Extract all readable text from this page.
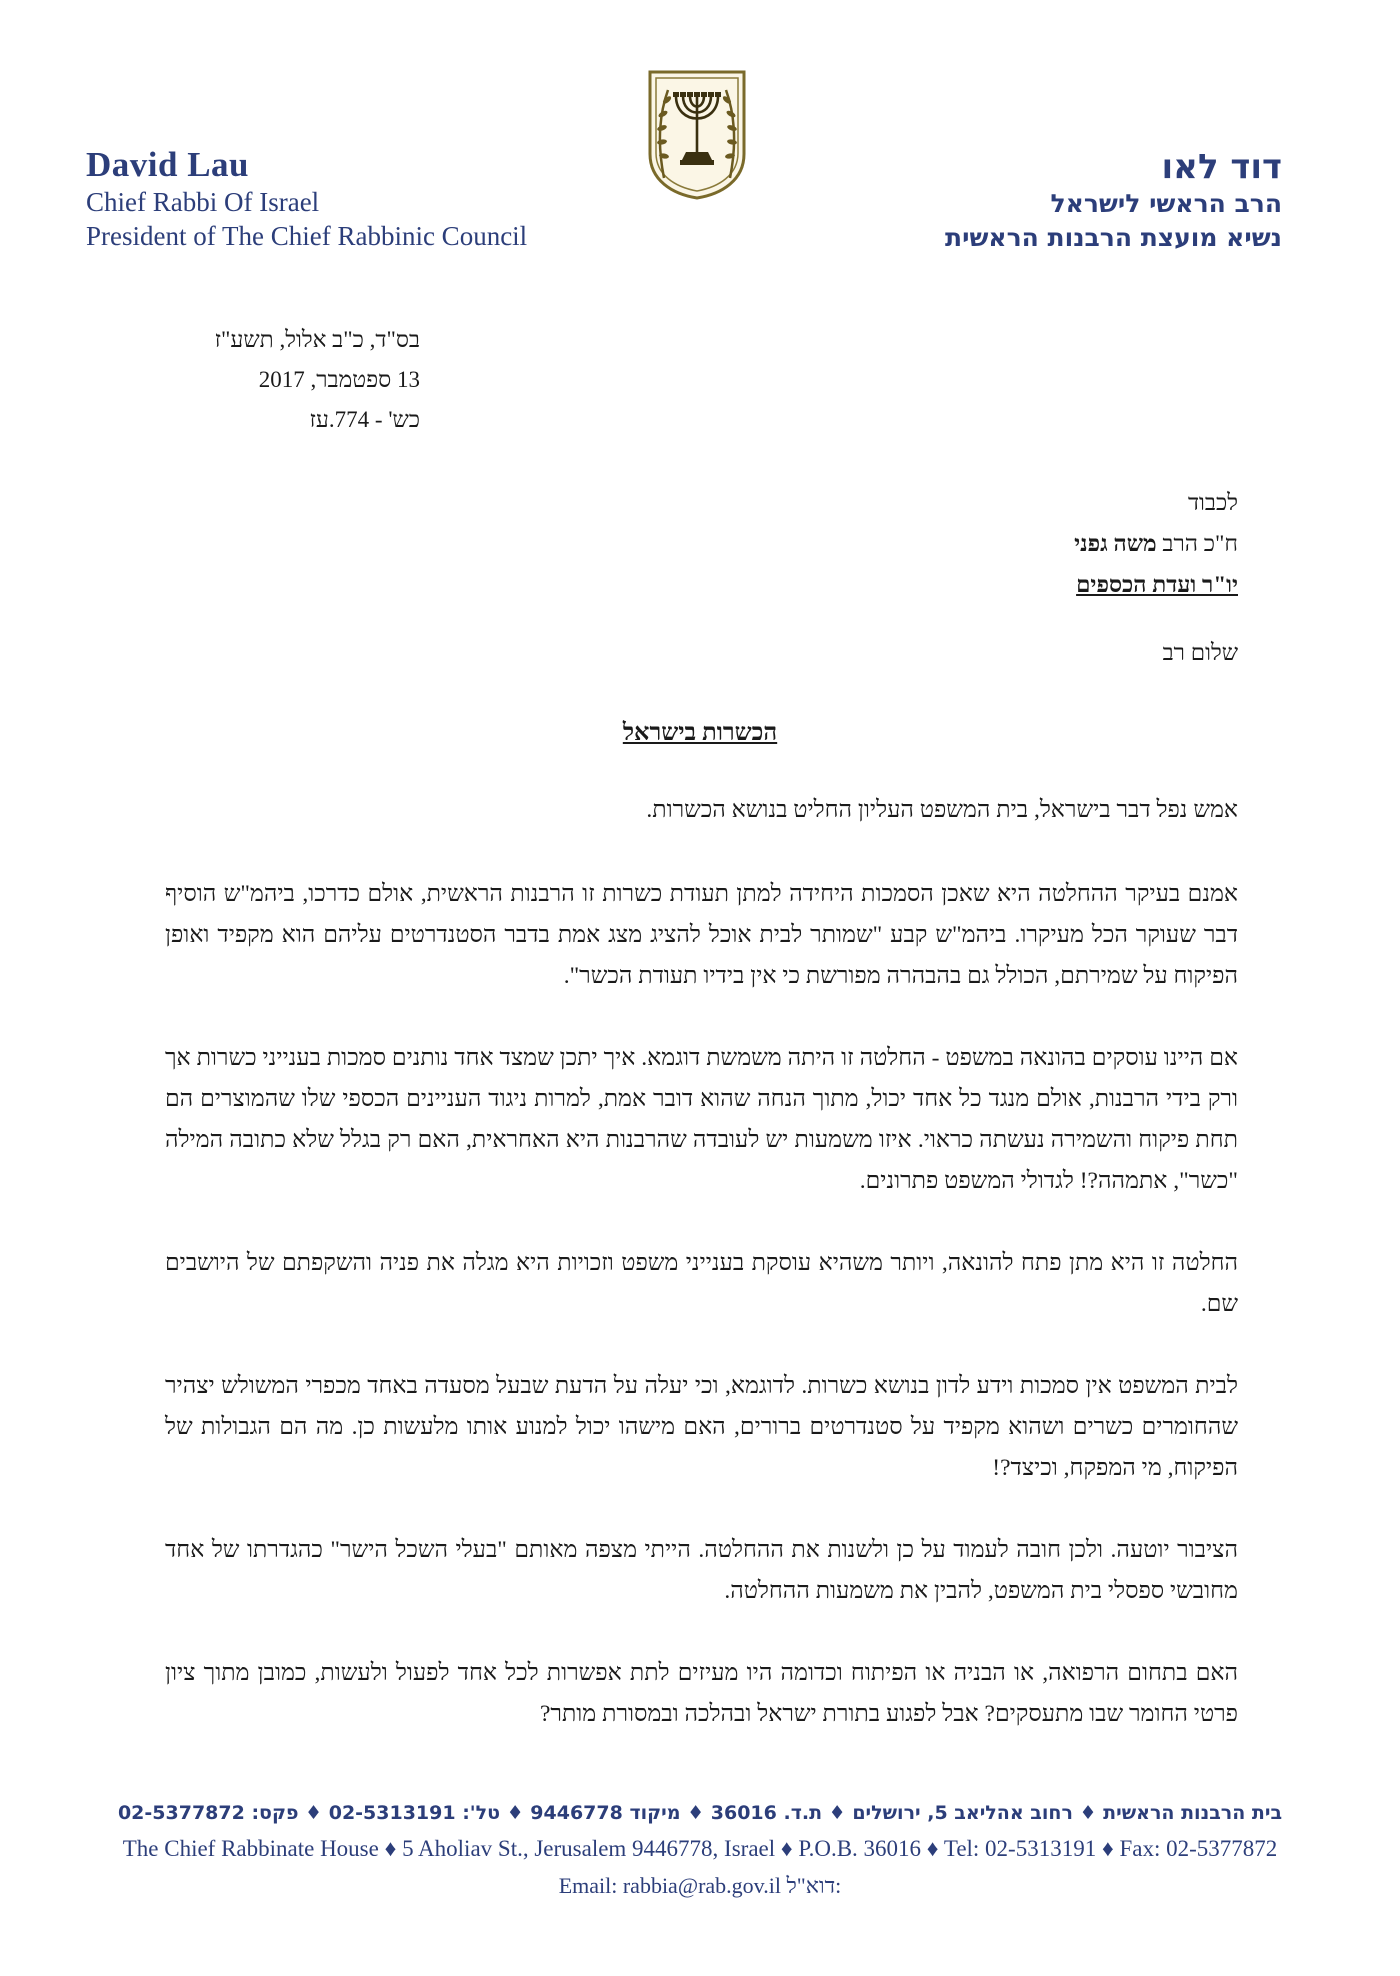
David Lau
Chief Rabbi Of Israel
President of The Chief Rabbinic Council
דוד לאו
הרב הראשי לישראל
נשיא מועצת הרבנות הראשית
בס"ד, כ"ב אלול, תשע"ז
13 ספטמבר, 2017
כש' - 774.עז
לכבוד
ח"כ הרב משה גפני
יו"ר ועדת הכספים
שלום רב
הכשרות בישראל

אמש נפל דבר בישראל, בית המשפט העליון החליט בנושא הכשרות.

אמנם בעיקר ההחלטה היא שאכן הסמכות היחידה למתן תעודת כשרות זו הרבנות הראשית, אולם כדרכו, ביהמ"ש הוסיף דבר שעוקר הכל מעיקרו. ביהמ"ש קבע "שמותר לבית אוכל להציג מצג אמת בדבר הסטנדרטים עליהם הוא מקפיד ואופן הפיקוח על שמירתם, הכולל גם בהבהרה מפורשת כי אין בידיו תעודת הכשר".

אם היינו עוסקים בהונאה במשפט - החלטה זו היתה משמשת דוגמא. איך יתכן שמצד אחד נותנים סמכות בענייני כשרות אך ורק בידי הרבנות, אולם מנגד כל אחד יכול, מתוך הנחה שהוא דובר אמת, למרות ניגוד העניינים הכספי שלו שהמוצרים הם תחת פיקוח והשמירה נעשתה כראוי. איזו משמעות יש לעובדה שהרבנות היא האחראית, האם רק בגלל שלא כתובה המילה "כשר", אתמהה?! לגדולי המשפט פתרונים.

החלטה זו היא מתן פתח להונאה, ויותר משהיא עוסקת בענייני משפט וזכויות היא מגלה את פניה והשקפתם של היושבים שם.

לבית המשפט אין סמכות וידע לדון בנושא כשרות. לדוגמא, וכי יעלה על הדעת שבעל מסעדה באחד מכפרי המשולש יצהיר שהחומרים כשרים ושהוא מקפיד על סטנדרטים ברורים, האם מישהו יכול למנוע אותו מלעשות כן. מה הם הגבולות של הפיקוח, מי המפקח, וכיצד?!

הציבור יוטעה. ולכן חובה לעמוד על כן ולשנות את ההחלטה. הייתי מצפה מאותם "בעלי השכל הישר" כהגדרתו של אחד מחובשי ספסלי בית המשפט, להבין את משמעות ההחלטה.

האם בתחום הרפואה, או הבניה או הפיתוח וכדומה היו מעיזים לתת אפשרות לכל אחד לפעול ולעשות, כמובן מתוך ציון פרטי החומר שבו מתעסקים? אבל לפגוע בתורת ישראל ובהלכה ובמסורת מותר?

בית הרבנות הראשית ♦ רחוב אהליאב 5, ירושלים ♦ ת.ד. 36016 ♦ מיקוד 9446778 ♦ טל': 02-5313191 ♦ פקס: 02-5377872
The Chief Rabbinate House ♦ 5 Aholiav St., Jerusalem 9446778, Israel ♦ P.O.B. 36016 ♦ Tel: 02-5313191 ♦ Fax: 02-5377872
Email: rabbia@rab.gov.il דוא"ל:
